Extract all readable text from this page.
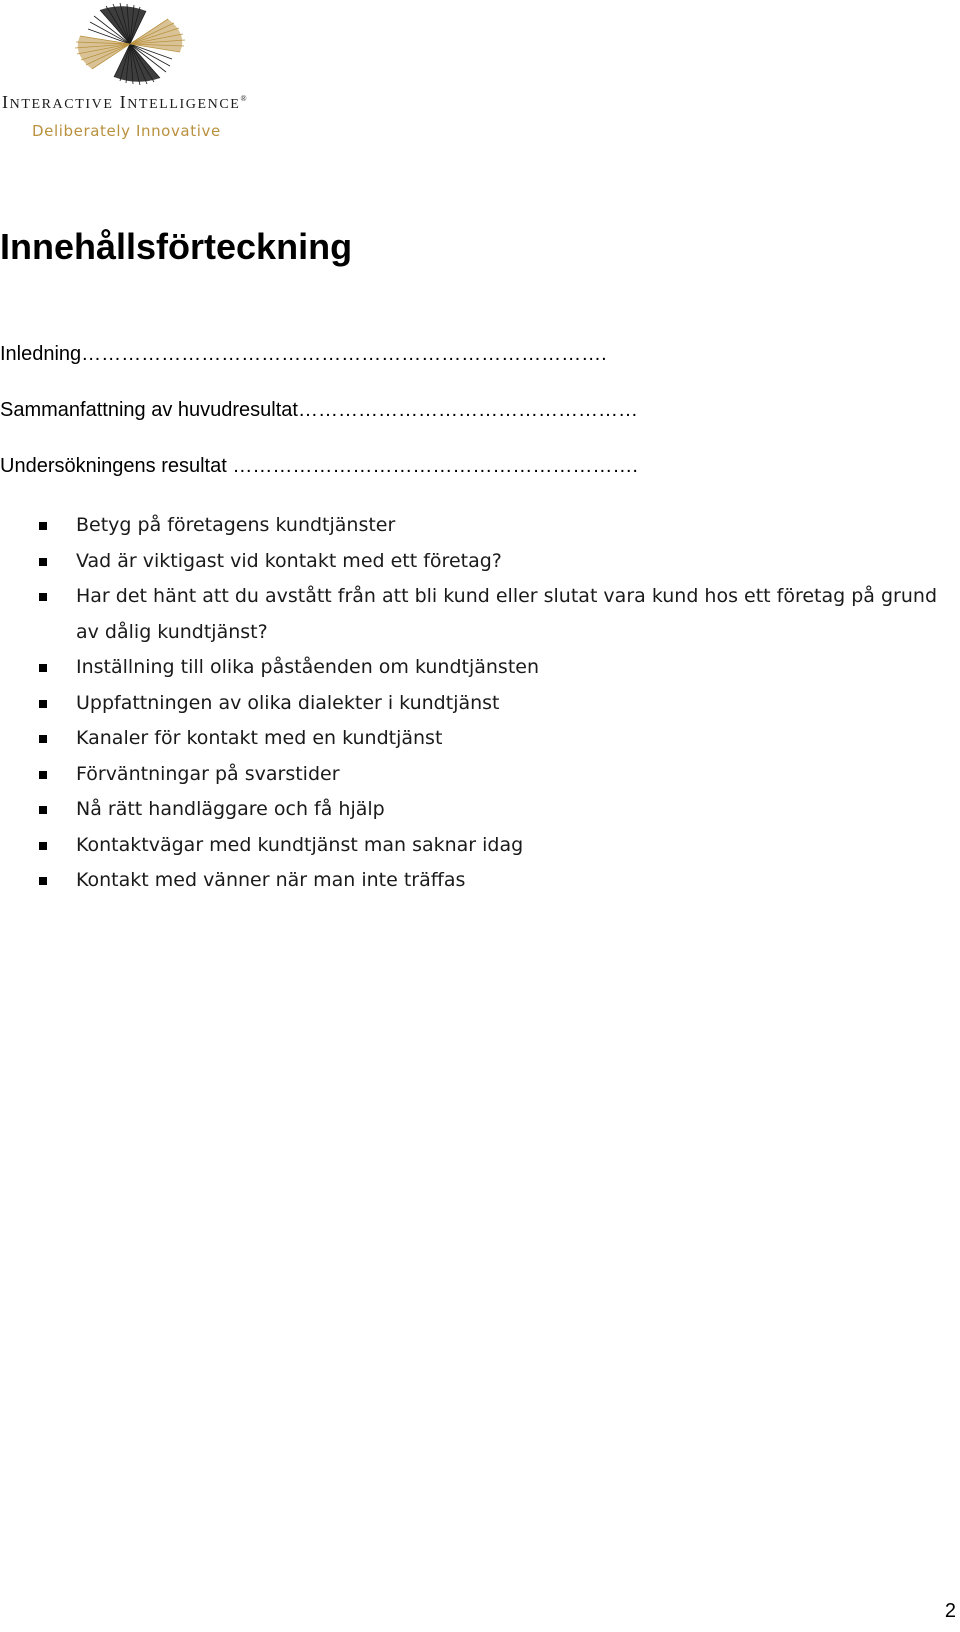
INTERACTIVE INTELLIGENCE®
Deliberately Innovative
Innehållsförteckning
Inledning…………………………………………………………………….
Sammanfattning av huvudresultat……………………………………………
Undersökningens resultat …………………………………………………….
Betyg på företagens kundtjänster
Vad är viktigast vid kontakt med ett företag?
Har det hänt att du avstått från att bli kund eller slutat vara kund hos ett företag på grund av dålig kundtjänst?
Inställning till olika påståenden om kundtjänsten
Uppfattningen av olika dialekter i kundtjänst
Kanaler för kontakt med en kundtjänst
Förväntningar på svarstider
Nå rätt handläggare och få hjälp
Kontaktvägar med kundtjänst man saknar idag
Kontakt med vänner när man inte träffas
2
